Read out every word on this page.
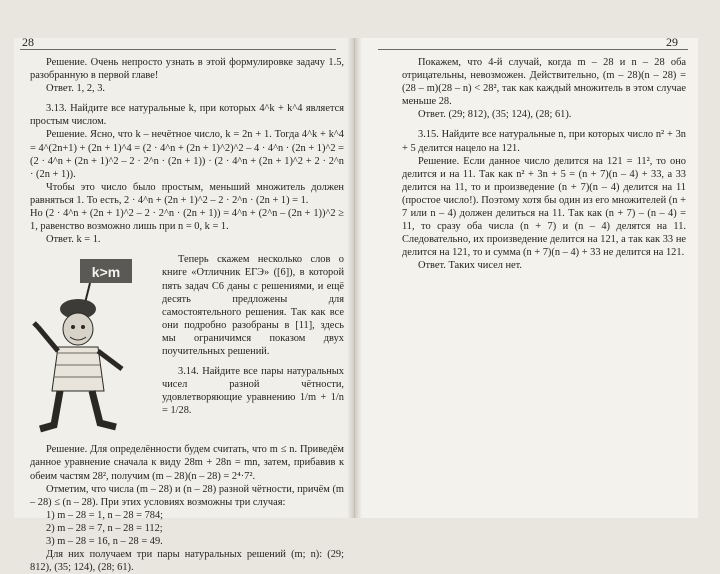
28

Решение. Очень непросто узнать в этой формулировке задачу 1.5, разобранную в первой главе!

Ответ. 1, 2, 3.

3.13. Найдите все натуральные k, при которых 4^k + k^4 является простым числом.

Решение. Ясно, что k – нечётное число, k = 2n + 1. Тогда 4^k + k^4 = 4^(2n+1) + (2n + 1)^4 = (2 · 4^n + (2n + 1)^2)^2 – 4 · 4^n · (2n + 1)^2 = (2 · 4^n + (2n + 1)^2 – 2 · 2^n · (2n + 1)) · (2 · 4^n + (2n + 1)^2 + 2 · 2^n · (2n + 1)).

Чтобы это число было простым, меньший множитель должен равняться 1. То есть, 2 · 4^n + (2n + 1)^2 – 2 · 2^n · (2n + 1) = 1.

Но (2 · 4^n + (2n + 1)^2 – 2 · 2^n · (2n + 1)) = 4^n + (2^n – (2n + 1))^2 ≥ 1, равенство возможно лишь при n = 0, k = 1.

Ответ. k = 1.

k>m

Теперь скажем несколько слов о книге «Отличник ЕГЭ» ([6]), в которой пять задач С6 даны с решениями, и ещё десять предложены для самостоятельного решения. Так как все они подробно разобраны в [11], здесь мы ограничимся показом двух поучительных решений.

3.14. Найдите все пары натуральных чисел разной чётности, удовлетворяющие уравнению 1/m + 1/n = 1/28.

Решение. Для определённости будем считать, что m ≤ n. Приведём данное уравнение сначала к виду 28m + 28n = mn, затем, прибавив к обеим частям 28², получим (m – 28)(n – 28) = 2⁴·7².

Отметим, что числа (m – 28) и (n – 28) разной чётности, причём (m – 28) ≤ (n – 28). При этих условиях возможны три случая:

1) m – 28 = 1, n – 28 = 784;

2) m – 28 = 7, n – 28 = 112;

3) m – 28 = 16, n – 28 = 49.

Для них получаем три пары натуральных решений (m; n): (29; 812), (35; 124), (28; 61).

29

Покажем, что 4-й случай, когда m – 28 и n – 28 оба отрицательны, невозможен. Действительно, (m – 28)(n – 28) = (28 – m)(28 – n) < 28², так как каждый множитель в этом случае меньше 28.

Ответ. (29; 812), (35; 124), (28; 61).

3.15. Найдите все натуральные n, при которых число n² + 3n + 5 делится нацело на 121.

Решение. Если данное число делится на 121 = 11², то оно делится и на 11. Так как n² + 3n + 5 = (n + 7)(n – 4) + 33, а 33 делится на 11, то и произведение (n + 7)(n – 4) делится на 11 (простое число!). Поэтому хотя бы один из его множителей (n + 7 или n – 4) должен делиться на 11. Так как (n + 7) – (n – 4) = 11, то сразу оба числа (n + 7) и (n – 4) делятся на 11. Следовательно, их произведение делится на 121, а так как 33 не делится на 121, то и сумма (n + 7)(n – 4) + 33 не делится на 121.

Ответ. Таких чисел нет.
